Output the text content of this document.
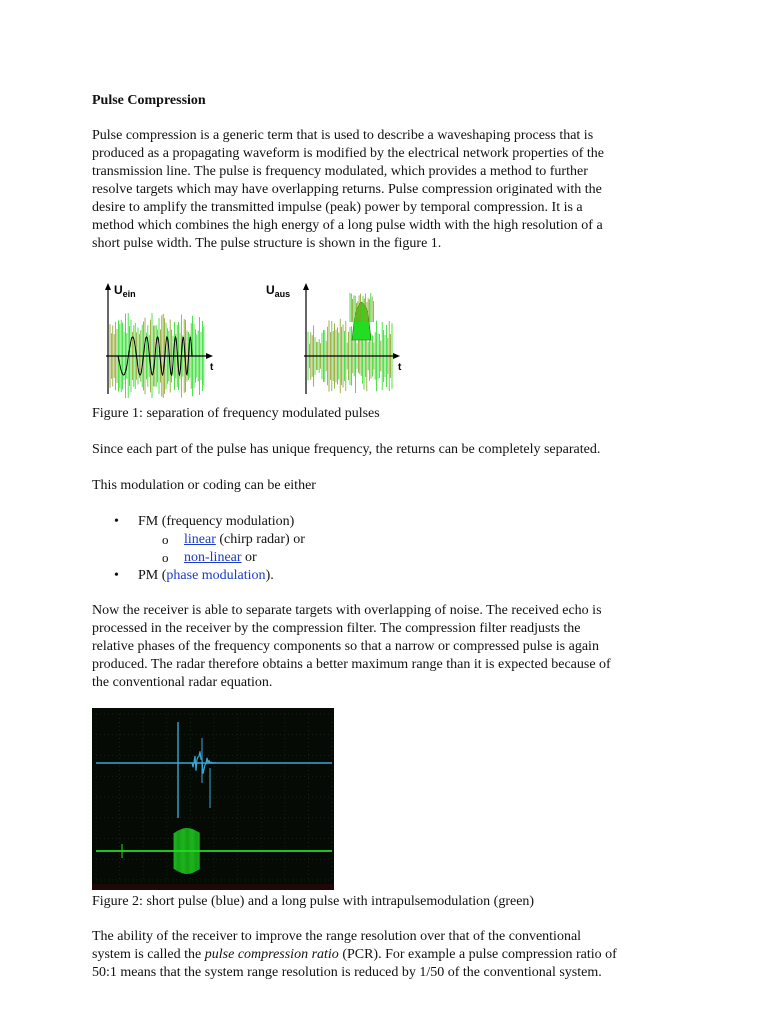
Pulse Compression

Pulse compression is a generic term that is used to describe a waveshaping process that is
produced as a propagating waveform is modified by the electrical network properties of the
transmission line. The pulse is frequency modulated, which provides a method to further
resolve targets which may have overlapping returns. Pulse compression originated with the
desire to amplify the transmitted impulse (peak) power by temporal compression. It is a
method which combines the high energy of a long pulse width with the high resolution of a
short pulse width. The pulse structure is shown in the figure 1.

$U_{ein}$	$U_{aus}$
t	t

Figure 1: separation of frequency modulated pulses

Since each part of the pulse has unique frequency, the returns can be completely separated.

This modulation or coding can be either

• FM (frequency modulation)
o linear (chirp radar) or
o non-linear or
• PM (phase modulation).

Now the receiver is able to separate targets with overlapping of noise. The received echo is
processed in the receiver by the compression filter. The compression filter readjusts the
relative phases of the frequency components so that a narrow or compressed pulse is again
produced. The radar therefore obtains a better maximum range than it is expected because of
the conventional radar equation.

Figure 2: short pulse (blue) and a long pulse with intrapulsemodulation (green)

The ability of the receiver to improve the range resolution over that of the conventional
system is called the pulse compression ratio (PCR). For example a pulse compression ratio of
50:1 means that the system range resolution is reduced by 1/50 of the conventional system.
